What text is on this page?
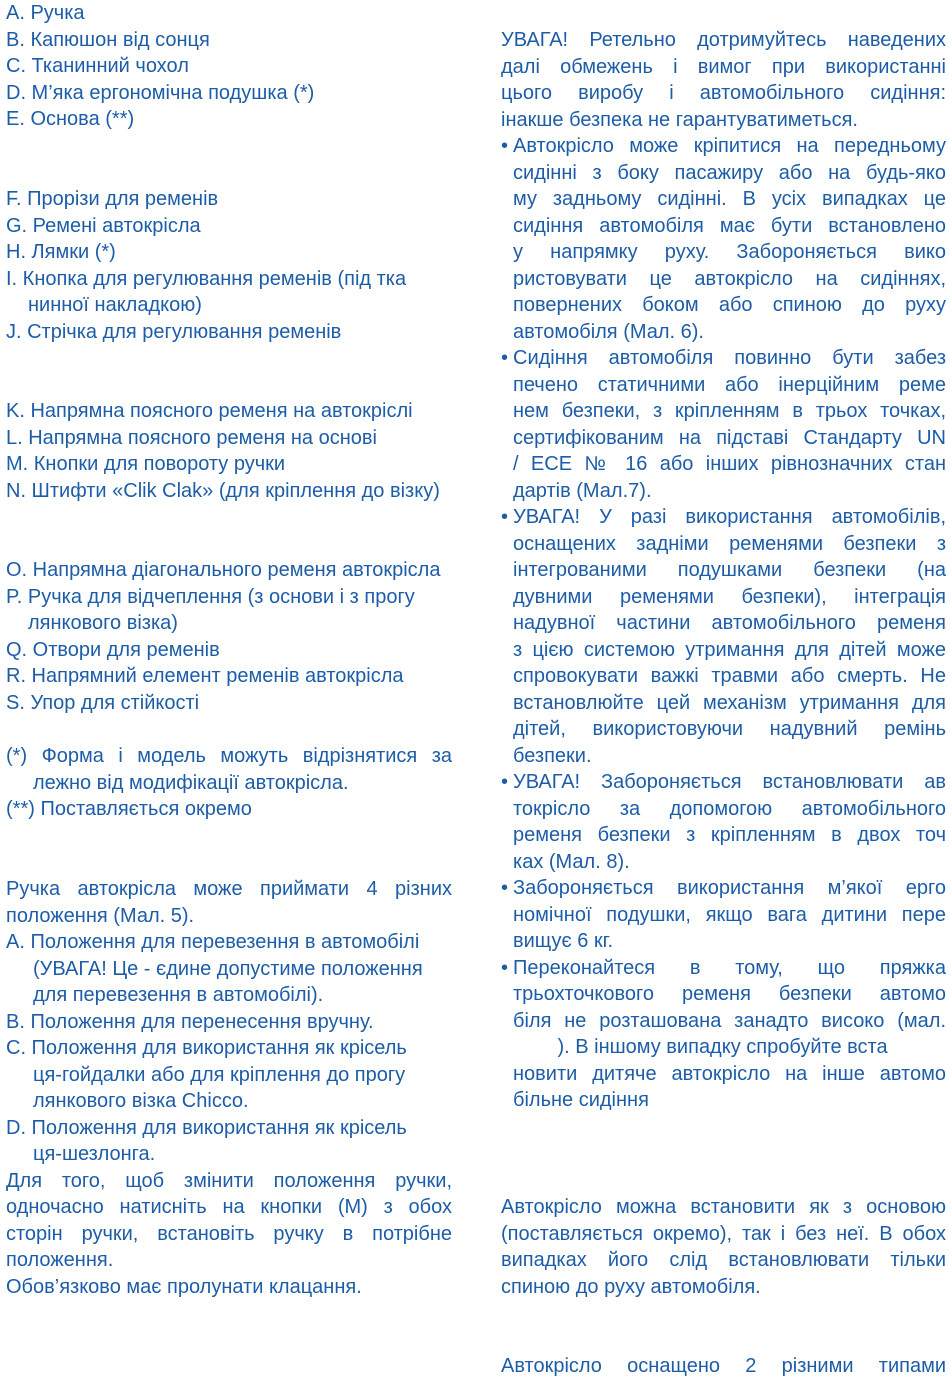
A. Ручка
B. Капюшон від сонця
C. Тканинний чохол
D. М’яка ергономічна подушка (*)
E. Основа (**)
F. Прорізи для ременів
G. Ремені автокрісла
H. Лямки (*)
I. Кнопка для регулювання ременів (під тка
нинної накладкою)
J. Стрічка для регулювання ременів
K. Напрямна поясного ременя на автокріслі
L. Напрямна поясного ременя на основі
M. Кнопки для повороту ручки
N. Штифти «Clik Clak» (для кріплення до візку)
O. Напрямна діагонального ременя автокрісла
P. Ручка для відчеплення (з основи і з прогу
лянкового візка)
Q. Отвори для ременів
R. Напрямний елемент ременів автокрісла
S. Упор для стійкості
(*) Форма і модель можуть відрізнятися за
лежно від модифікації автокрісла.
(**) Поставляється окремо
Ручка автокрісла може приймати 4 різних
положення (Мал. 5).
A. Положення для перевезення в автомобілі
(УВАГА! Це - єдине допустиме положення
для перевезення в автомобілі).
B. Положення для перенесення вручну.
C. Положення для використання як крісель
ця-гойдалки або для кріплення до прогу
лянкового візка Chicco.
D. Положення для використання як крісель
ця-шезлонга.
Для того, щоб змінити положення ручки,
одночасно натисніть на кнопки (M) з обох
сторін ручки, встановіть ручку в потрібне
положення.
Обов’язково має пролунати клацання.
УВАГА! Ретельно дотримуйтесь наведених
далі обмежень і вимог при використанні
цього виробу і автомобільного сидіння:
інакше безпека не гарантуватиметься.
• Автокрісло може кріпитися на передньому
сидінні з боку пасажиру або на будь-яко
му задньому сидінні. В усіх випадках це
сидіння автомобіля має бути встановлено
у напрямку руху. Забороняється вико
ристовувати це автокрісло на сидіннях,
повернених боком або спиною до руху
автомобіля (Мал. 6).
• Сидіння автомобіля повинно бути забез
печено статичними або інерційним реме
нем безпеки, з кріпленням в трьох точках,
сертифікованим на підставі Стандарту UN
/ ECE № 16 або інших рівнозначних стан
дартів (Мал.7).
• УВАГА! У разі використання автомобілів,
оснащених задніми ременями безпеки з
інтегрованими подушками безпеки (на
дувними ременями безпеки), інтеграція
надувної частини автомобільного ременя
з цією системою утримання для дітей може
спровокувати важкі травми або смерть. Не
встановлюйте цей механізм утримання для
дітей, використовуючи надувний ремінь
безпеки.
• УВАГА! Забороняється встановлювати ав
токрісло за допомогою автомобільного
ременя безпеки з кріпленням в двох точ
ках (Мал. 8).
• Забороняється використання м’якої ерго
номічної подушки, якщо вага дитини пере
вищує 6 кг.
• Переконайтеся в тому, що пряжка
трьохточкового ременя безпеки автомо
біля не розташована занадто високо (мал.
). В іншому випадку спробуйте вста
новити дитяче автокрісло на інше автомо
більне сидіння
Автокрісло можна встановити як з основою
(поставляється окремо), так і без неї. В обох
випадках його слід встановлювати тільки
спиною до руху автомобіля.
Автокрісло оснащено 2 різними типами
